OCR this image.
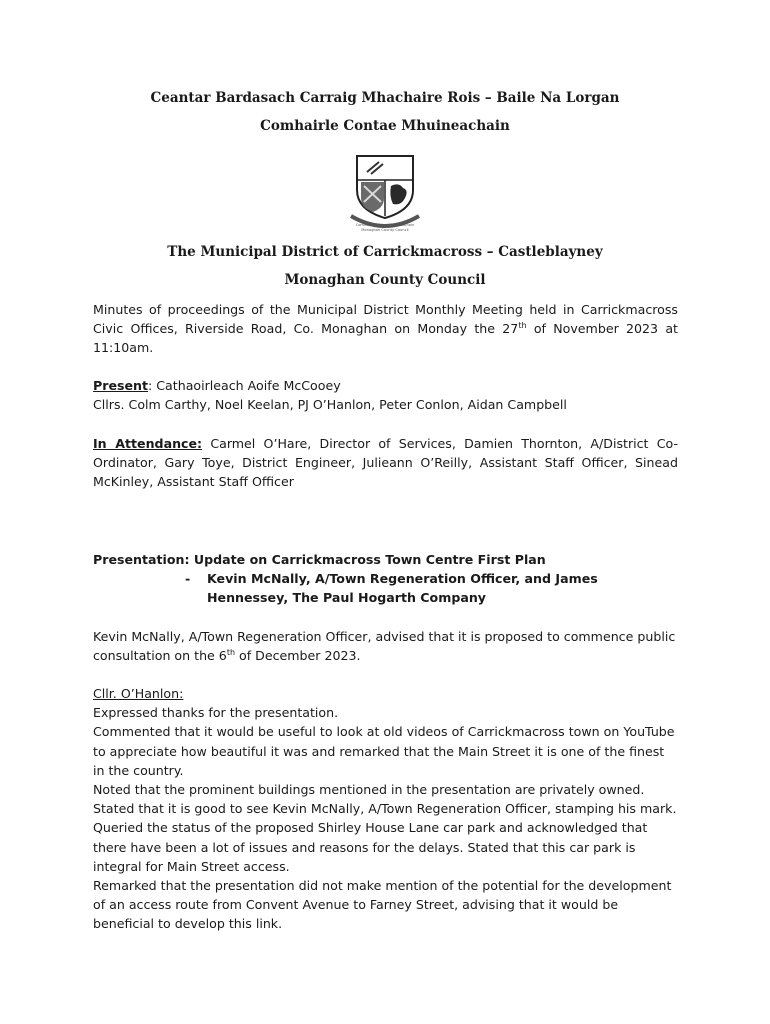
Ceantar Bardasach Carraig Mhachaire Rois – Baile Na Lorgan
Comhairle Contae Mhuineachain
Comhairle Contae Mhuineachain
Monaghan County Council
The Municipal District of Carrickmacross – Castleblayney
Monaghan County Council

Minutes of proceedings of the Municipal District Monthly Meeting held in Carrickmacross Civic Offices, Riverside Road, Co. Monaghan on Monday the 27th of November 2023 at 11:10am.

Present: Cathaoirleach Aoife McCooey

Cllrs. Colm Carthy, Noel Keelan, PJ O’Hanlon, Peter Conlon, Aidan Campbell

In Attendance: Carmel O’Hare, Director of Services, Damien Thornton, A/District Co-Ordinator, Gary Toye, District Engineer, Julieann O’Reilly, Assistant Staff Officer, Sinead McKinley, Assistant Staff Officer

Presentation: Update on Carrickmacross Town Centre First Plan

-	Kevin McNally, A/Town Regeneration Officer, and James Hennessey, The Paul Hogarth Company

Kevin McNally, A/Town Regeneration Officer, advised that it is proposed to commence public consultation on the 6th of December 2023.

Cllr. O’Hanlon:

Expressed thanks for the presentation.

Commented that it would be useful to look at old videos of Carrickmacross town on YouTube to appreciate how beautiful it was and remarked that the Main Street it is one of the finest in the country.

Noted that the prominent buildings mentioned in the presentation are privately owned.

Stated that it is good to see Kevin McNally, A/Town Regeneration Officer, stamping his mark.

Queried the status of the proposed Shirley House Lane car park and acknowledged that there have been a lot of issues and reasons for the delays. Stated that this car park is integral for Main Street access.

Remarked that the presentation did not make mention of the potential for the development of an access route from Convent Avenue to Farney Street, advising that it would be beneficial to develop this link.
